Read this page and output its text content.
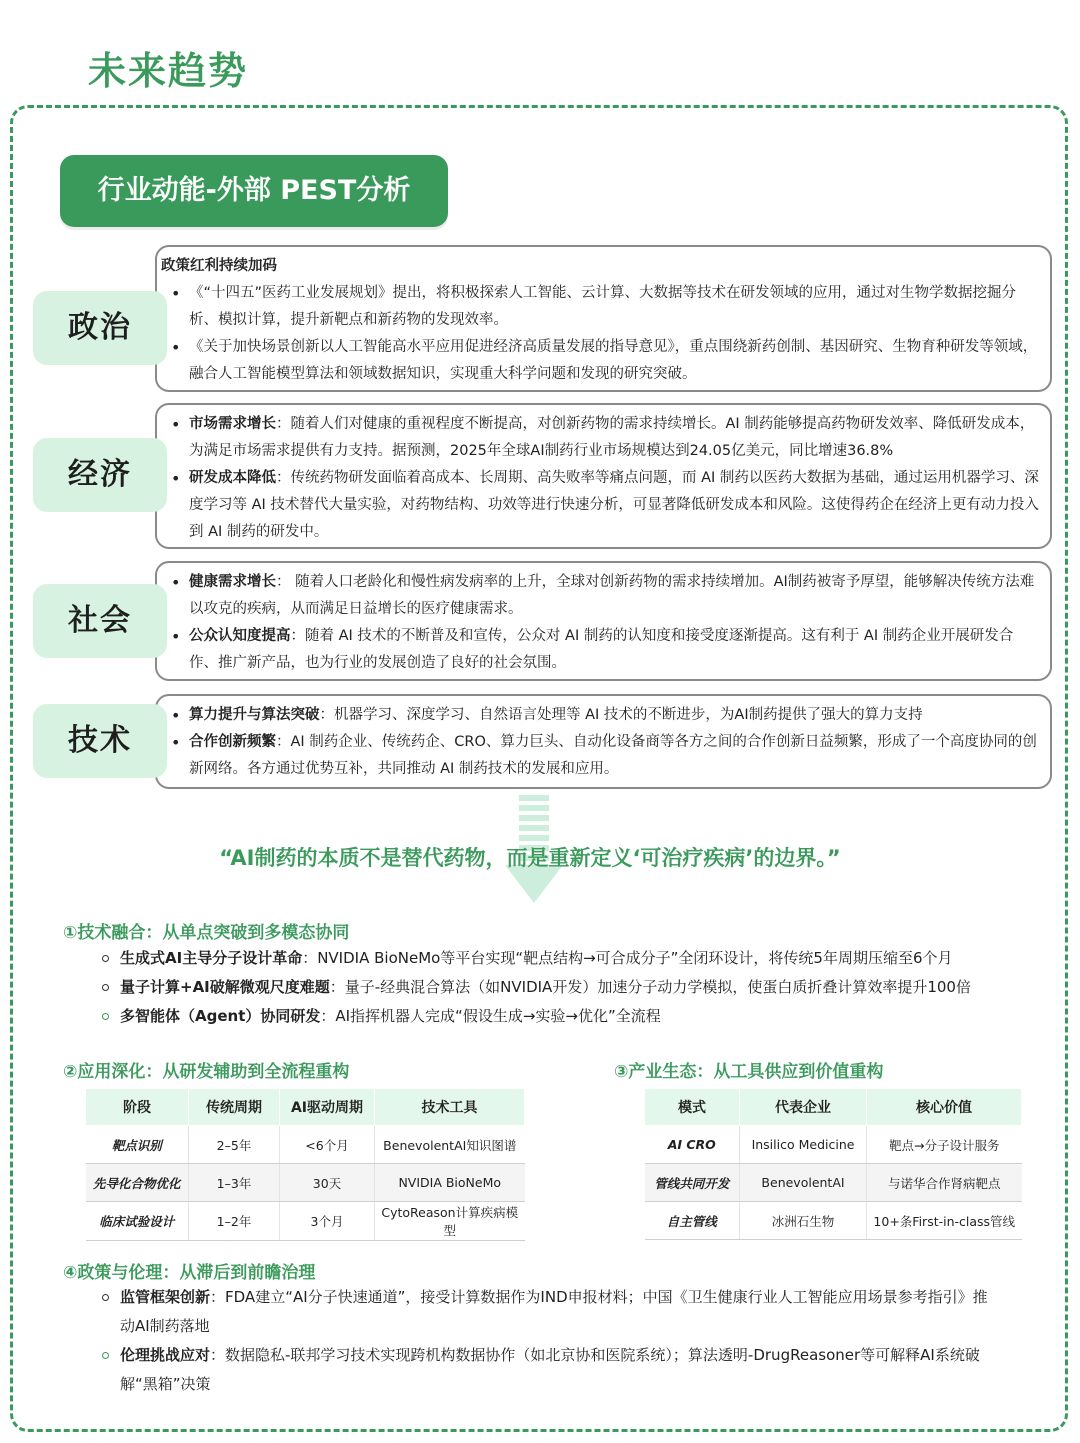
未来趋势
行业动能-外部 PEST分析
政策红利持续加码
• 《“十四五”医药工业发展规划》提出，将积极探索人工智能、云计算、大数据等技术在研发领域的应用，通过对生物学数据挖掘分析、模拟计算，提升新靶点和新药物的发现效率。
• 《关于加快场景创新以人工智能高水平应用促进经济高质量发展的指导意见》，重点围绕新药创制、基因研究、生物育种研发等领域，融合人工智能模型算法和领域数据知识，实现重大科学问题和发现的研究突破。
政治
• 市场需求增长：随着人们对健康的重视程度不断提高，对创新药物的需求持续增长。AI 制药能够提高药物研发效率、降低研发成本，为满足市场需求提供有力支持。据预测，2025年全球AI制药行业市场规模达到24.05亿美元，同比增速36.8%
• 研发成本降低：传统药物研发面临着高成本、长周期、高失败率等痛点问题，而 AI 制药以医药大数据为基础，通过运用机器学习、深度学习等 AI 技术替代大量实验，对药物结构、功效等进行快速分析，可显著降低研发成本和风险。这使得药企在经济上更有动力投入到 AI 制药的研发中。
经济
• 健康需求增长： 随着人口老龄化和慢性病发病率的上升，全球对创新药物的需求持续增加。AI制药被寄予厚望，能够解决传统方法难以攻克的疾病，从而满足日益增长的医疗健康需求。
• 公众认知度提高：随着 AI 技术的不断普及和宣传，公众对 AI 制药的认知度和接受度逐渐提高。这有利于 AI 制药企业开展研发合作、推广新产品，也为行业的发展创造了良好的社会氛围。
社会
• 算力提升与算法突破：机器学习、深度学习、自然语言处理等 AI 技术的不断进步，为AI制药提供了强大的算力支持
• 合作创新频繁：AI 制药企业、传统药企、CRO、算力巨头、自动化设备商等各方之间的合作创新日益频繁，形成了一个高度协同的创新网络。各方通过优势互补，共同推动 AI 制药技术的发展和应用。
技术
“AI制药的本质不是替代药物，而是重新定义‘可治疗疾病’的边界。”
①技术融合：从单点突破到多模态协同
生成式AI主导分子设计革命：NVIDIA BioNeMo等平台实现“靶点结构→可合成分子”全闭环设计，将传统5年周期压缩至6个月
量子计算+AI破解微观尺度难题：量子-经典混合算法（如NVIDIA开发）加速分子动力学模拟，使蛋白质折叠计算效率提升100倍
多智能体（Agent）协同研发：AI指挥机器人完成“假设生成→实验→优化”全流程
②应用深化：从研发辅助到全流程重构
阶段	传统周期	AI驱动周期	技术工具
靶点识别	2–5年	<6个月	BenevolentAI知识图谱
先导化合物优化	1–3年	30天	NVIDIA BioNeMo
临床试验设计	1–2年	3个月	CytoReason计算疾病模型
③产业生态：从工具供应到价值重构
模式	代表企业	核心价值
AI CRO	Insilico Medicine	靶点→分子设计服务
管线共同开发	BenevolentAI	与诺华合作肾病靶点
自主管线	冰洲石生物	10+条First-in-class管线
④政策与伦理：从滞后到前瞻治理
监管框架创新：FDA建立“AI分子快速通道”，接受计算数据作为IND申报材料；中国《卫生健康行业人工智能应用场景参考指引》推动AI制药落地
伦理挑战应对：数据隐私-联邦学习技术实现跨机构数据协作（如北京协和医院系统）；算法透明-DrugReasoner等可解释AI系统破解“黑箱”决策
